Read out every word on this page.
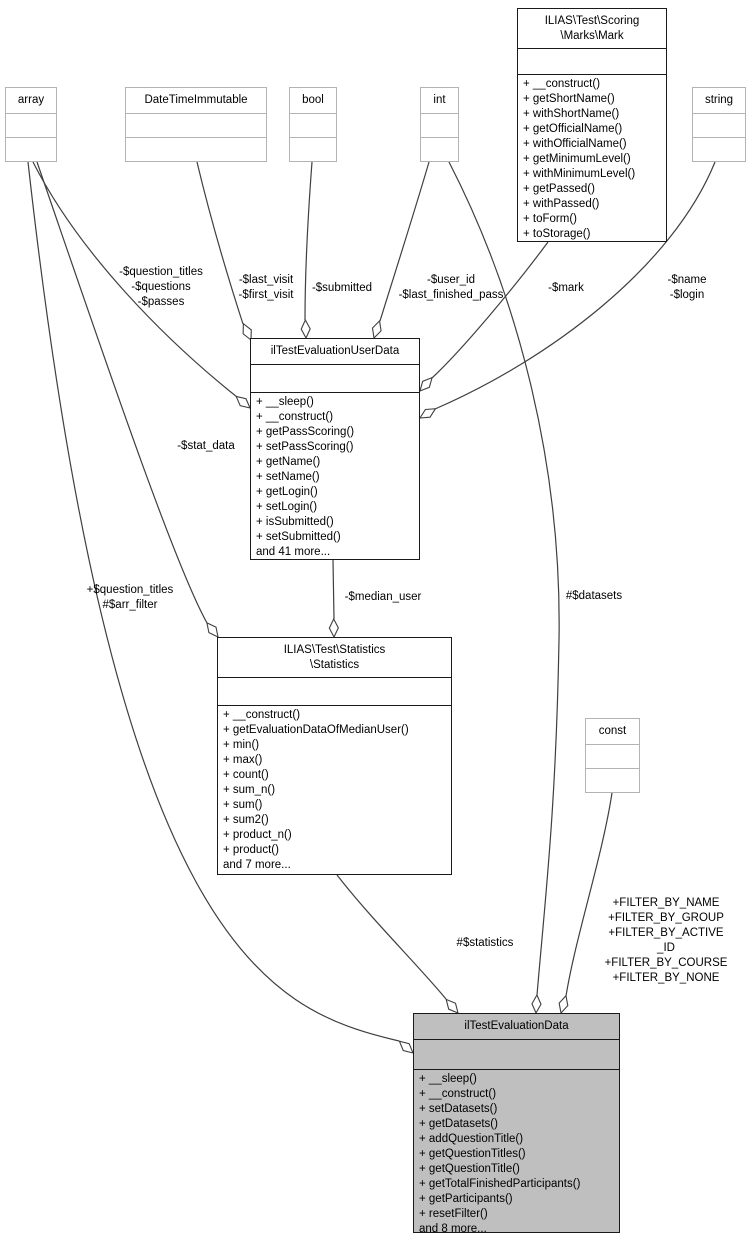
array	DateTimeImmutable	bool	int	string
const
ILIAS\Test\Scoring
\Marks\Mark
+ __construct()
+ getShortName()
+ withShortName()
+ getOfficialName()
+ withOfficialName()
+ getMinimumLevel()
+ withMinimumLevel()
+ getPassed()
+ withPassed()
+ toForm()
+ toStorage()
ilTestEvaluationUserData
+ __sleep()
+ __construct()
+ getPassScoring()
+ setPassScoring()
+ getName()
+ setName()
+ getLogin()
+ setLogin()
+ isSubmitted()
+ setSubmitted()
and 41 more...
ILIAS\Test\Statistics
\Statistics
+ __construct()
+ getEvaluationDataOfMedianUser()
+ min()
+ max()
+ count()
+ sum_n()
+ sum()
+ sum2()
+ product_n()
+ product()
and 7 more...
ilTestEvaluationData
+ __sleep()
+ __construct()
+ setDatasets()
+ getDatasets()
+ addQuestionTitle()
+ getQuestionTitles()
+ getQuestionTitle()
+ getTotalFinishedParticipants()
+ getParticipants()
+ resetFilter()
and 8 more...
-$question_titles
-$questions
-$passes
-$last_visit
-$first_visit
-$submitted
-$user_id
-$last_finished_pass
-$mark
-$name
-$login
-$stat_data
-$median_user	#$datasets
+$question_titles
#$arr_filter
#$statistics
+FILTER_BY_NAME
+FILTER_BY_GROUP
+FILTER_BY_ACTIVE
_ID
+FILTER_BY_COURSE
+FILTER_BY_NONE
